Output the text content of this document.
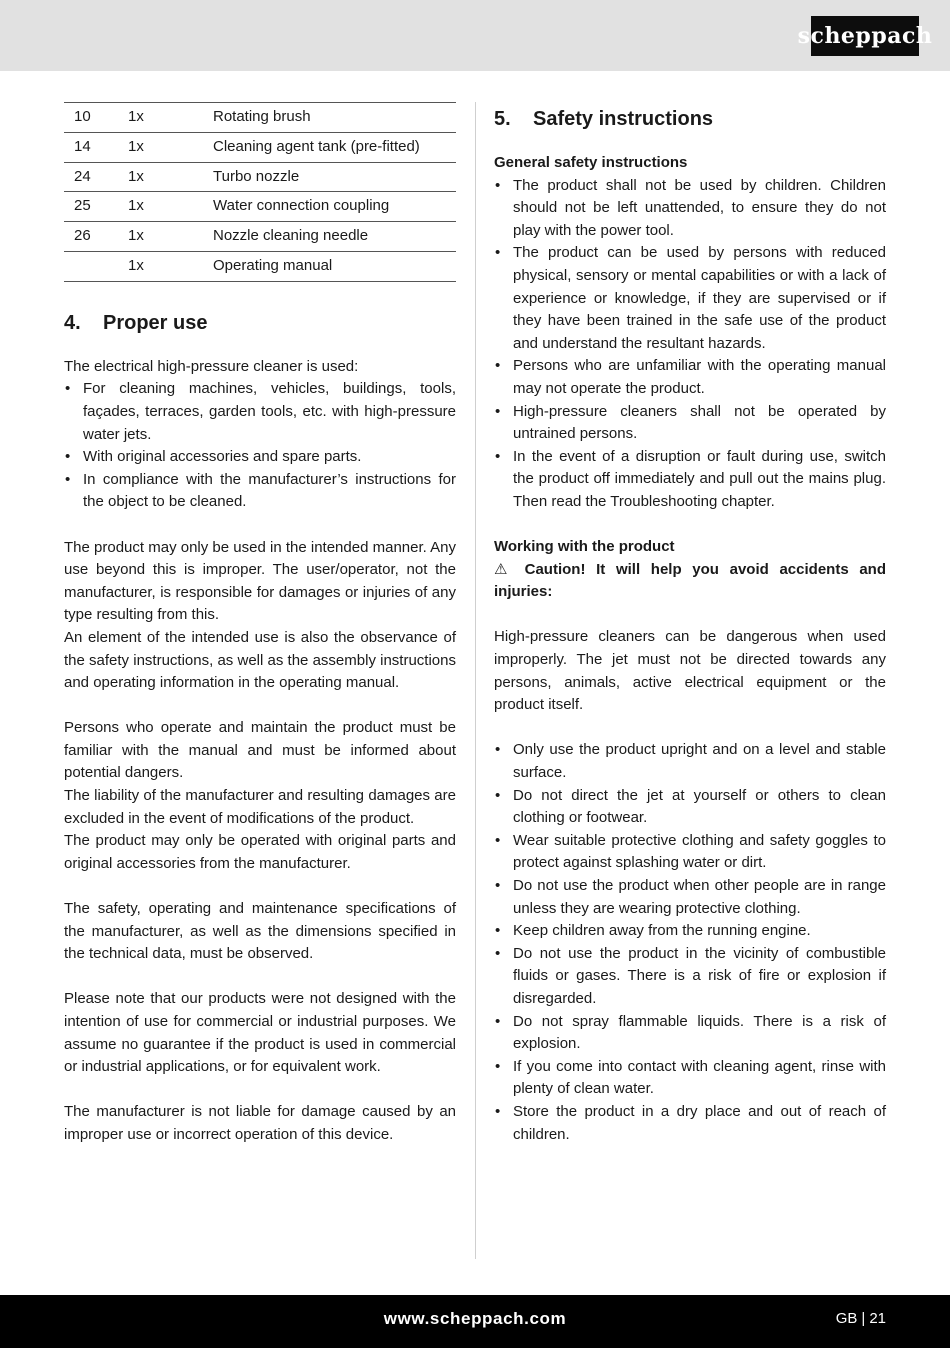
scheppach
10	1x	Rotating brush
14	1x	Cleaning agent tank (pre-fitted)
24	1x	Turbo nozzle
25	1x	Water connection coupling
26	1x	Nozzle cleaning needle
	1x	Operating manual
4. Proper use

The electrical high-pressure cleaner is used:

• For cleaning machines, vehicles, buildings, tools, façades, terraces, garden tools, etc. with high-pressure water jets.
• With original accessories and spare parts.
• In compliance with the manufacturer’s instructions for the object to be cleaned.

The product may only be used in the intended manner. Any use beyond this is improper. The user/operator, not the manufacturer, is responsible for damages or injuries of any type resulting from this.

An element of the intended use is also the observance of the safety instructions, as well as the assembly instructions and operating information in the operating manual.

Persons who operate and maintain the product must be familiar with the manual and must be informed about potential dangers.

The liability of the manufacturer and resulting damages are excluded in the event of modifications of the product.

The product may only be operated with original parts and original accessories from the manufacturer.

The safety, operating and maintenance specifications of the manufacturer, as well as the dimensions specified in the technical data, must be observed.

Please note that our products were not designed with the intention of use for commercial or industrial purposes. We assume no guarantee if the product is used in commercial or industrial applications, or for equivalent work.

The manufacturer is not liable for damage caused by an improper use or incorrect operation of this device.

5. Safety instructions

General safety instructions

• The product shall not be used by children. Children should not be left unattended, to ensure they do not play with the power tool.
• The product can be used by persons with reduced physical, sensory or mental capabilities or with a lack of experience or knowledge, if they are supervised or if they have been trained in the safe use of the product and understand the resultant hazards.
• Persons who are unfamiliar with the operating manual may not operate the product.
• High-pressure cleaners shall not be operated by untrained persons.
• In the event of a disruption or fault during use, switch the product off immediately and pull out the mains plug. Then read the Troubleshooting chapter.

Working with the product

⚠ Caution! It will help you avoid accidents and injuries:

High-pressure cleaners can be dangerous when used improperly. The jet must not be directed towards any persons, animals, active electrical equipment or the product itself.

• Only use the product upright and on a level and stable surface.
• Do not direct the jet at yourself or others to clean clothing or footwear.
• Wear suitable protective clothing and safety goggles to protect against splashing water or dirt.
• Do not use the product when other people are in range unless they are wearing protective clothing.
• Keep children away from the running engine.
• Do not use the product in the vicinity of combustible fluids or gases. There is a risk of fire or explosion if disregarded.
• Do not spray flammable liquids. There is a risk of explosion.
• If you come into contact with cleaning agent, rinse with plenty of clean water.
• Store the product in a dry place and out of reach of children.
www.scheppach.com	GB | 21
